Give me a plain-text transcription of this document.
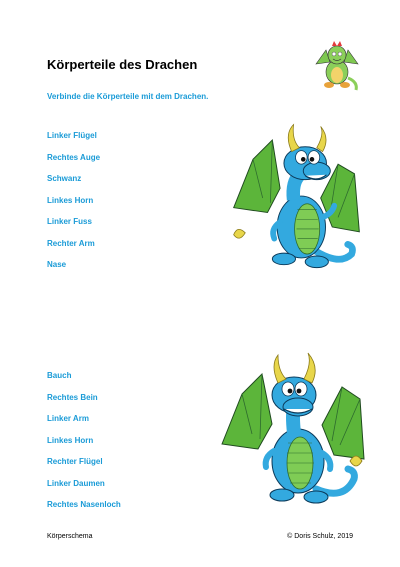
Körperteile des Drachen
Verbinde die Körperteile mit dem Drachen.
Linker Flügel
Rechtes Auge
Schwanz
Linkes Horn
Linker Fuss
Rechter Arm
Nase
Bauch
Rechtes Bein
Linker Arm
Linkes Horn
Rechter Flügel
Linker Daumen
Rechtes Nasenloch
Körperschema	© Doris Schulz, 2019
